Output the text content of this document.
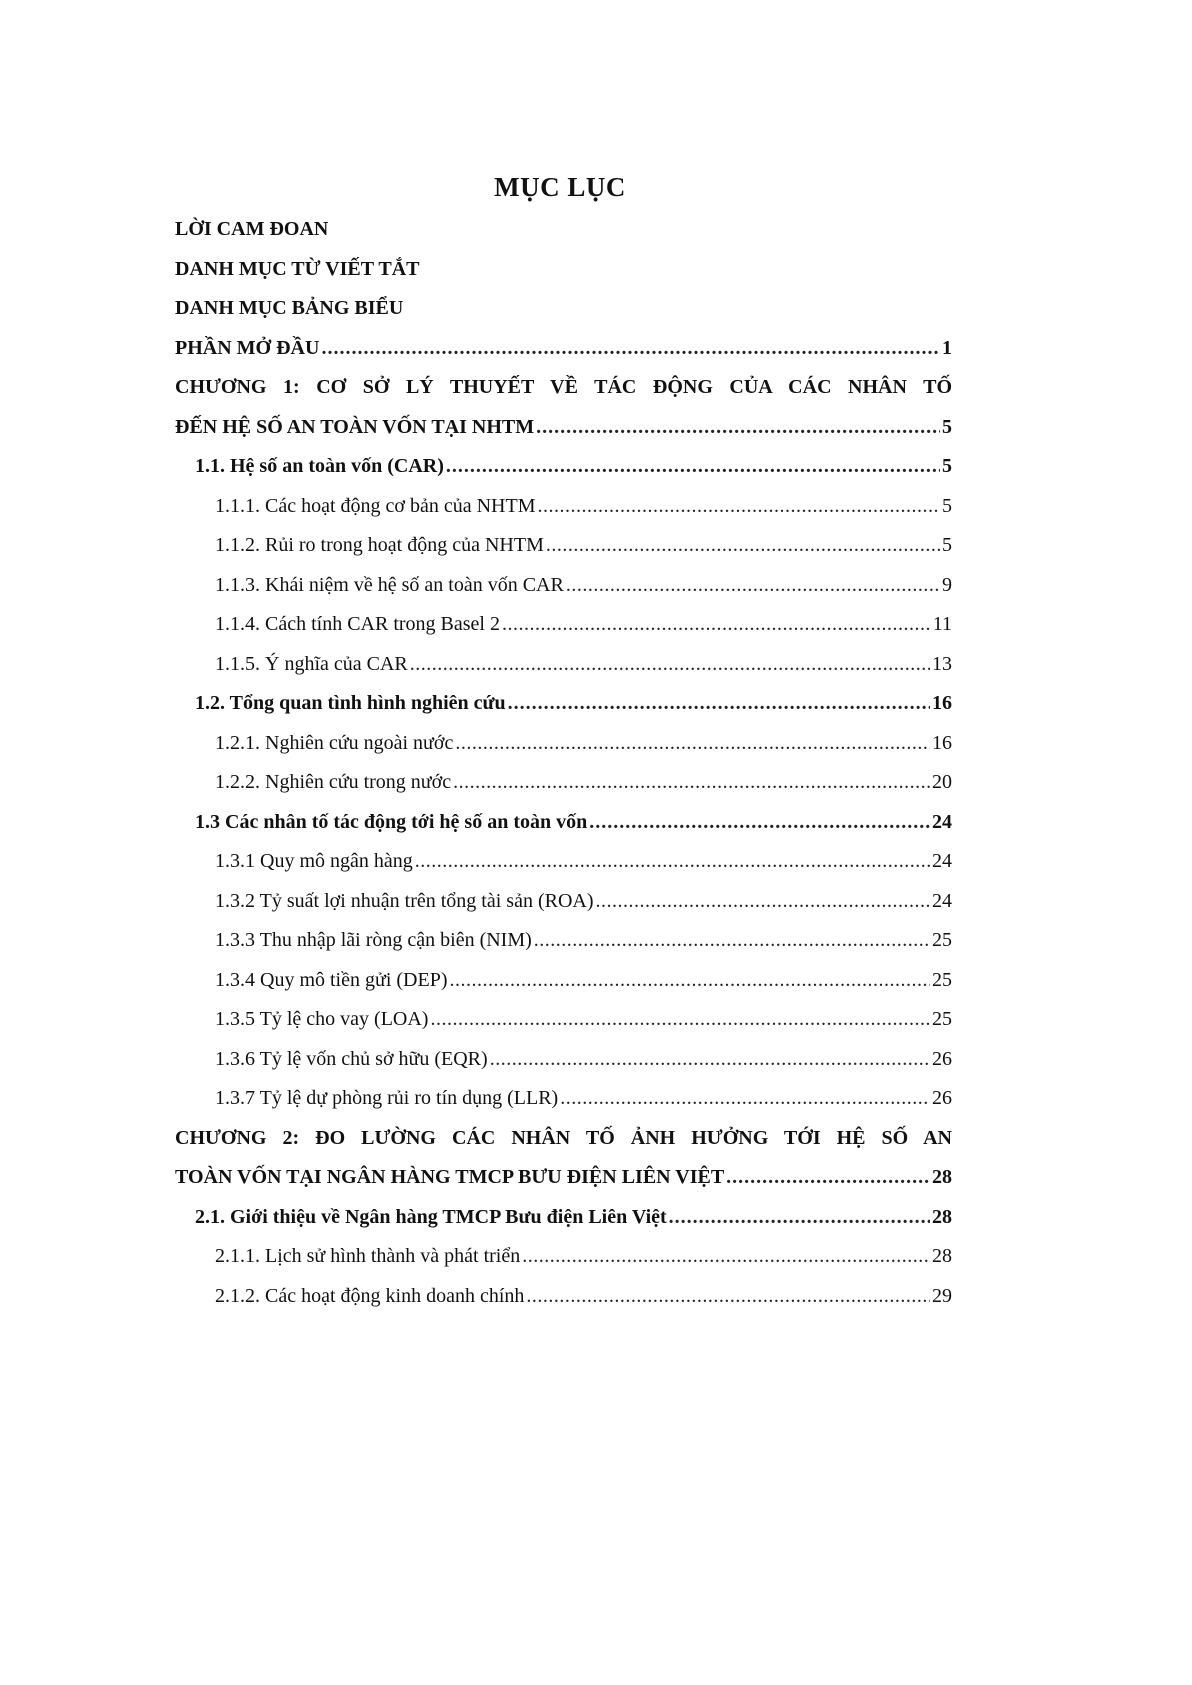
MỤC LỤC
LỜI CAM ĐOAN
DANH MỤC TỪ VIẾT TẮT
DANH MỤC BẢNG BIỂU
PHẦN MỞ ĐẦU .....	1
CHƯƠNG 1: CƠ SỞ LÝ THUYẾT VỀ TÁC ĐỘNG CỦA CÁC NHÂN TỐ
ĐẾN HỆ SỐ AN TOÀN VỐN TẠI NHTM .....	5
1.1. Hệ số an toàn vốn (CAR) .....	5
1.1.1. Các hoạt động cơ bản của NHTM .....	5
1.1.2. Rủi ro trong hoạt động của NHTM .....	5
1.1.3. Khái niệm về hệ số an toàn vốn CAR .....	9
1.1.4. Cách tính CAR trong Basel 2 .....	11
1.1.5. Ý nghĩa của CAR .....	13
1.2. Tổng quan tình hình nghiên cứu .....	16
1.2.1. Nghiên cứu ngoài nước .....	16
1.2.2. Nghiên cứu trong nước .....	20
1.3 Các nhân tố tác động tới hệ số an toàn vốn .....	24
1.3.1 Quy mô ngân hàng .....	24
1.3.2 Tỷ suất lợi nhuận trên tổng tài sản (ROA) .....	24
1.3.3 Thu nhập lãi ròng cận biên (NIM) .....	25
1.3.4 Quy mô tiền gửi (DEP) .....	25
1.3.5 Tỷ lệ cho vay (LOA) .....	25
1.3.6 Tỷ lệ vốn chủ sở hữu (EQR) .....	26
1.3.7 Tỷ lệ dự phòng rủi ro tín dụng (LLR) .....	26
CHƯƠNG 2: ĐO LƯỜNG CÁC NHÂN TỐ ẢNH HƯỞNG TỚI HỆ SỐ AN
TOÀN VỐN TẠI NGÂN HÀNG TMCP BƯU ĐIỆN LIÊN VIỆT .....	28
2.1. Giới thiệu về Ngân hàng TMCP Bưu điện Liên Việt .....	28
2.1.1. Lịch sử hình thành và phát triển .....	28
2.1.2. Các hoạt động kinh doanh chính .....	29
